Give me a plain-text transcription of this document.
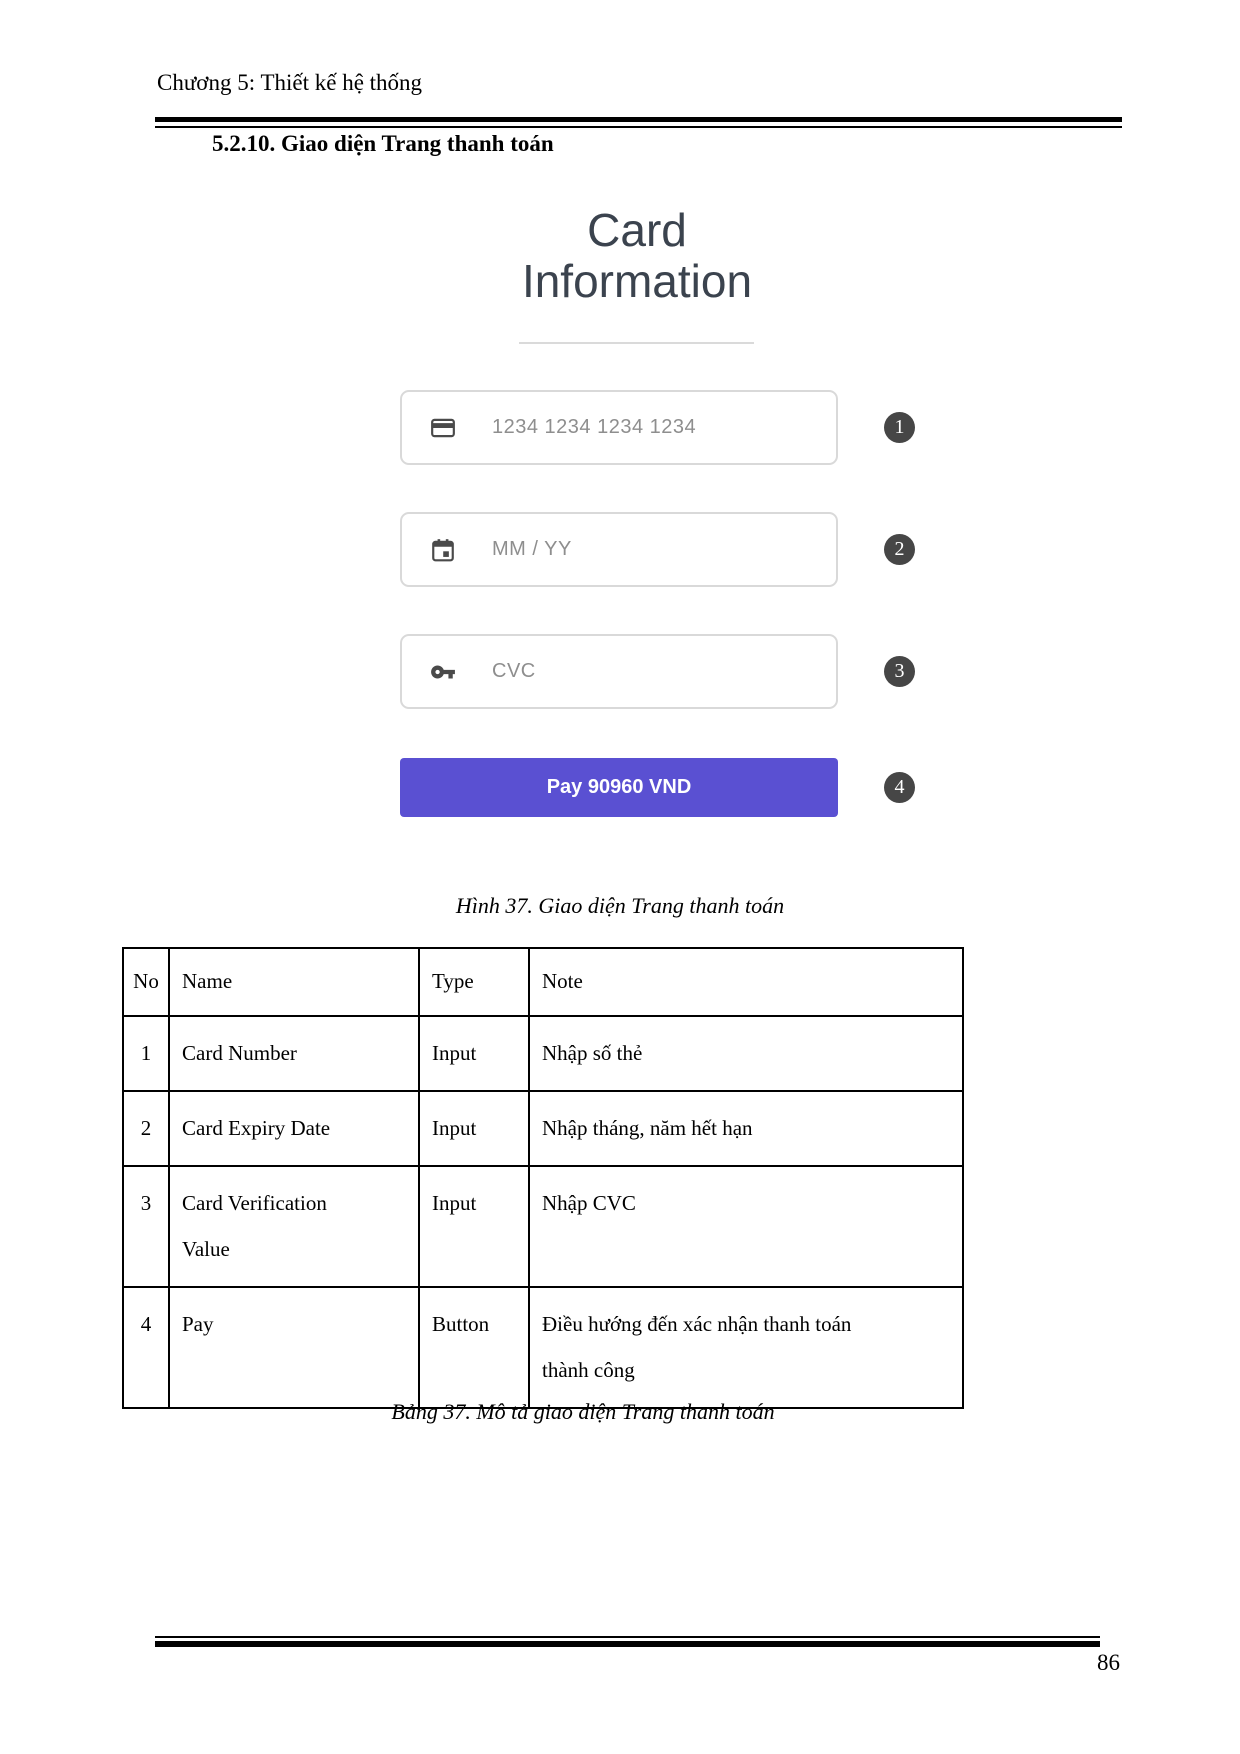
Chương 5: Thiết kế hệ thống
5.2.10. Giao diện Trang thanh toán
Card Information
1234 1234 1234 1234	1
MM / YY	2
CVC	3
Pay 90960 VND	4
Hình 37. Giao diện Trang thanh toán
No	Name	Type	Note
1	Card Number	Input	Nhập số thẻ
2	Card Expiry Date	Input	Nhập tháng, năm hết hạn
3	Card Verification Value	Input	Nhập CVC
4	Pay	Button	Điều hướng đến xác nhận thanh toán thành công
Bảng 37. Mô tả giao diện Trang thanh toán
86
